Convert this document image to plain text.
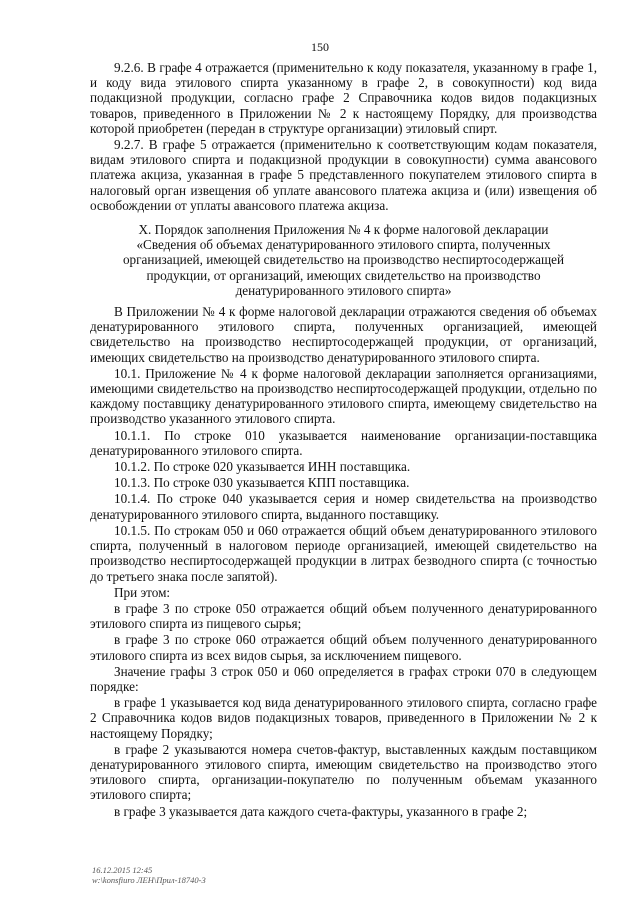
150

9.2.6. В графе 4 отражается (применительно к коду показателя, указанному в графе 1, и коду вида этилового спирта указанному в графе 2, в совокупности) код вида подакцизной продукции, согласно графе 2 Справочника кодов видов подакцизных товаров, приведенного в Приложении № 2 к настоящему Порядку, для производства которой приобретен (передан в структуре организации) этиловый спирт.

9.2.7. В графе 5 отражается (применительно к соответствующим кодам показателя, видам этилового спирта и подакцизной продукции в совокупности) сумма авансового платежа акциза, указанная в графе 5 представленного покупателем этилового спирта в налоговый орган извещения об уплате авансового платежа акциза и (или) извещения об освобождении от уплаты авансового платежа акциза.

X. Порядок заполнения Приложения № 4 к форме налоговой декларации
«Сведения об объемах денатурированного этилового спирта, полученных
организацией, имеющей свидетельство на производство неспиртосодержащей
продукции, от организаций, имеющих свидетельство на производство
денатурированного этилового спирта»

В Приложении № 4 к форме налоговой декларации отражаются сведения об объемах денатурированного этилового спирта, полученных организацией, имеющей свидетельство на производство неспиртосодержащей продукции, от организаций, имеющих свидетельство на производство денатурированного этилового спирта.

10.1. Приложение № 4 к форме налоговой декларации заполняется организациями, имеющими свидетельство на производство неспиртосодержащей продукции, отдельно по каждому поставщику денатурированного этилового спирта, имеющему свидетельство на производство указанного этилового спирта.

10.1.1. По строке 010 указывается наименование организации-поставщика денатурированного этилового спирта.

10.1.2. По строке 020 указывается ИНН поставщика.

10.1.3. По строке 030 указывается КПП поставщика.

10.1.4. По строке 040 указывается серия и номер свидетельства на производство денатурированного этилового спирта, выданного поставщику.

10.1.5. По строкам 050 и 060 отражается общий объем денатурированного этилового спирта, полученный в налоговом периоде организацией, имеющей свидетельство на производство неспиртосодержащей продукции в литрах безводного спирта (с точностью до третьего знака после запятой).

При этом:

в графе 3 по строке 050 отражается общий объем полученного денатурированного этилового спирта из пищевого сырья;

в графе 3 по строке 060 отражается общий объем полученного денатурированного этилового спирта из всех видов сырья, за исключением пищевого.

Значение графы 3 строк 050 и 060 определяется в графах строки 070 в следующем порядке:

в графе 1 указывается код вида денатурированного этилового спирта, согласно графе 2 Справочника кодов видов подакцизных товаров, приведенного в Приложении № 2 к настоящему Порядку;

в графе 2 указываются номера счетов-фактур, выставленных каждым поставщиком денатурированного этилового спирта, имеющим свидетельство на производство этого этилового спирта, организации-покупателю по полученным объемам указанного этилового спирта;

в графе 3 указывается дата каждого счета-фактуры, указанного в графе 2;

16.12.2015 12:45
w:\konsfiuro ЛЕН\Прил-18740-3
